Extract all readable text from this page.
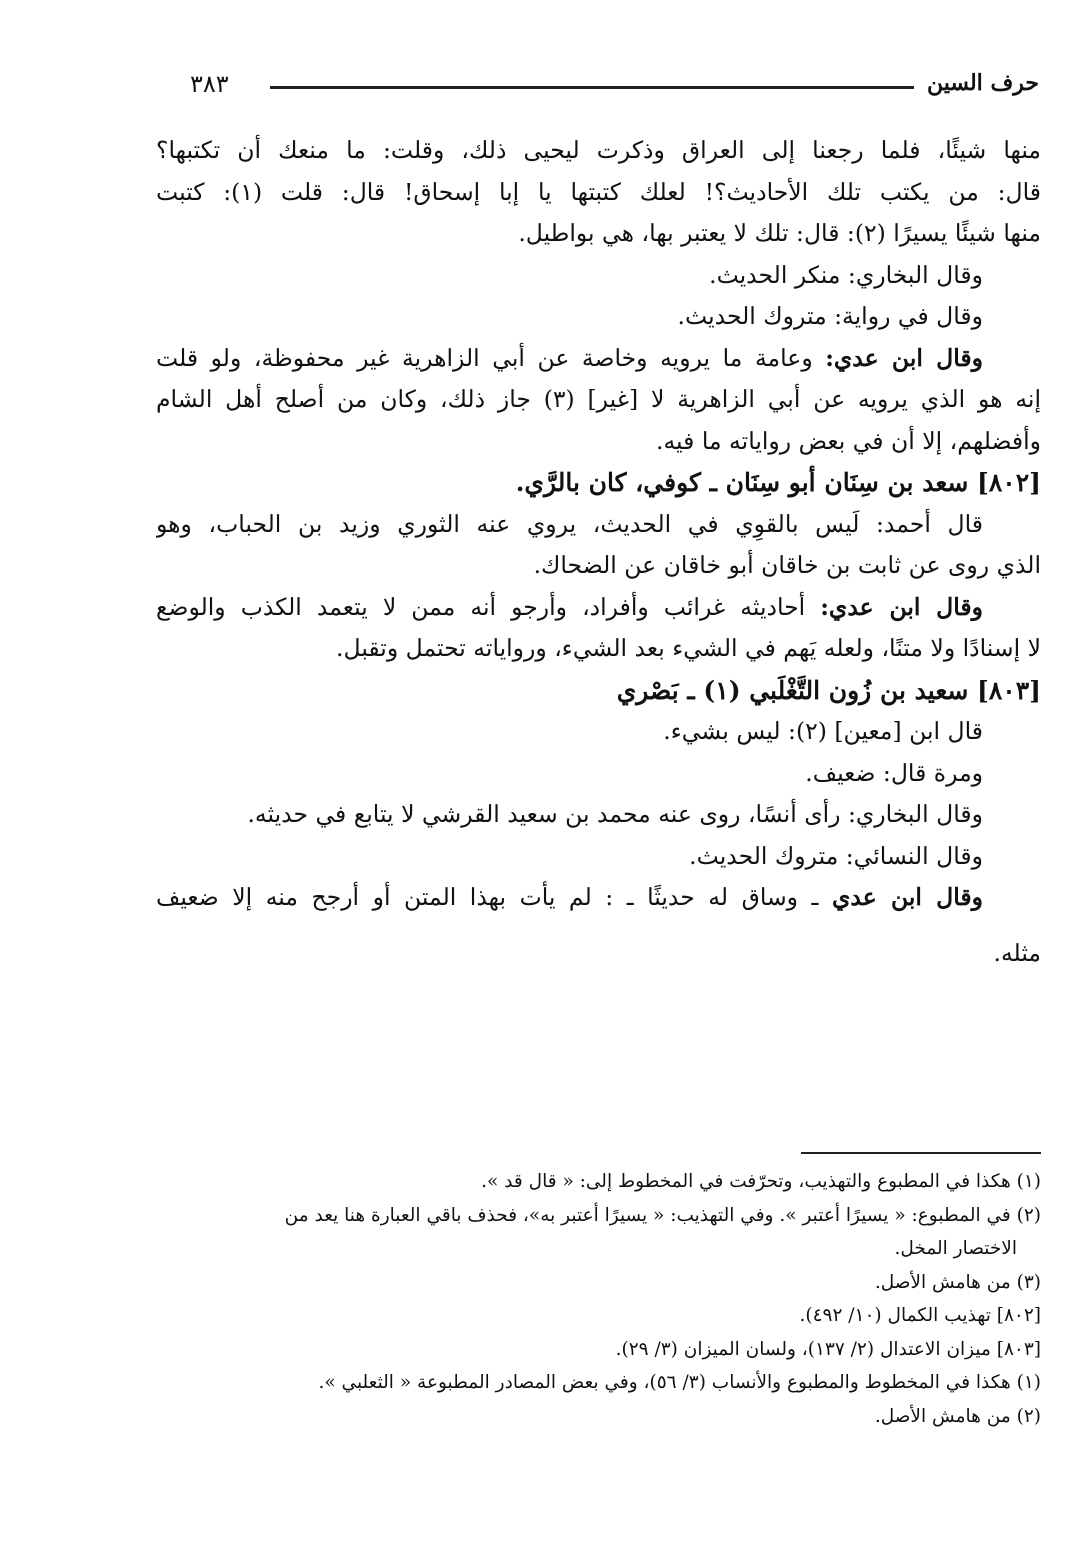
حرف السين
٣٨٣
منها شيئًا، فلما رجعنا إلى العراق وذكرت ليحيى ذلك، وقلت: ما منعك أن تكتبها؟
قال: من يكتب تلك الأحاديث؟! لعلك كتبتها يا إبا إسحاق! قال: قلت (١): كتبت
منها شيئًا يسيرًا (٢): قال: تلك لا يعتبر بها، هي بواطيل.
وقال البخاري: منكر الحديث.
وقال في رواية: متروك الحديث.
وقال ابن عدي: وعامة ما يرويه وخاصة عن أبي الزاهرية غير محفوظة، ولو قلت
إنه هو الذي يرويه عن أبي الزاهرية لا [غير] (٣) جاز ذلك، وكان من أصلح أهل الشام
وأفضلهم، إلا أن في بعض رواياته ما فيه.
[٨٠٢] سعد بن سِنَان أبو سِنَان ـ كوفي، كان بالرَّي.
قال أحمد: لَيس بالقوِي في الحديث، يروي عنه الثوري وزيد بن الحباب، وهو
الذي روى عن ثابت بن خاقان أبو خاقان عن الضحاك.
وقال ابن عدي: أحاديثه غرائب وأفراد، وأرجو أنه ممن لا يتعمد الكذب والوضع
لا إسنادًا ولا متنًا، ولعله يَهم في الشيء بعد الشيء، ورواياته تحتمل وتقبل.
[٨٠٣] سعيد بن زُون التَّغْلَبي (١) ـ بَصْري
قال ابن [معين] (٢): ليس بشيء.
ومرة قال: ضعيف.
وقال البخاري: رأى أنسًا، روى عنه محمد بن سعيد القرشي لا يتابع في حديثه.
وقال النسائي: متروك الحديث.
وقال ابن عدي ـ وساق له حديثًا ـ : لم يأت بهذا المتن أو أرجح منه إلا ضعيف
مثله.
(١) هكذا في المطبوع والتهذيب، وتحرّفت في المخطوط إلى: « قال قد ».
(٢) في المطبوع: « يسيرًا أعتبر ». وفي التهذيب: « يسيرًا أعتبر به»، فحذف باقي العبارة هنا يعد من
الاختصار المخل.
(٣) من هامش الأصل.
[٨٠٢] تهذيب الكمال (١٠/ ٤٩٢).
[٨٠٣] ميزان الاعتدال (٢/ ١٣٧)، ولسان الميزان (٣/ ٢٩).
(١) هكذا في المخطوط والمطبوع والأنساب (٣/ ٥٦)، وفي بعض المصادر المطبوعة « الثعلبي ».
(٢) من هامش الأصل.
